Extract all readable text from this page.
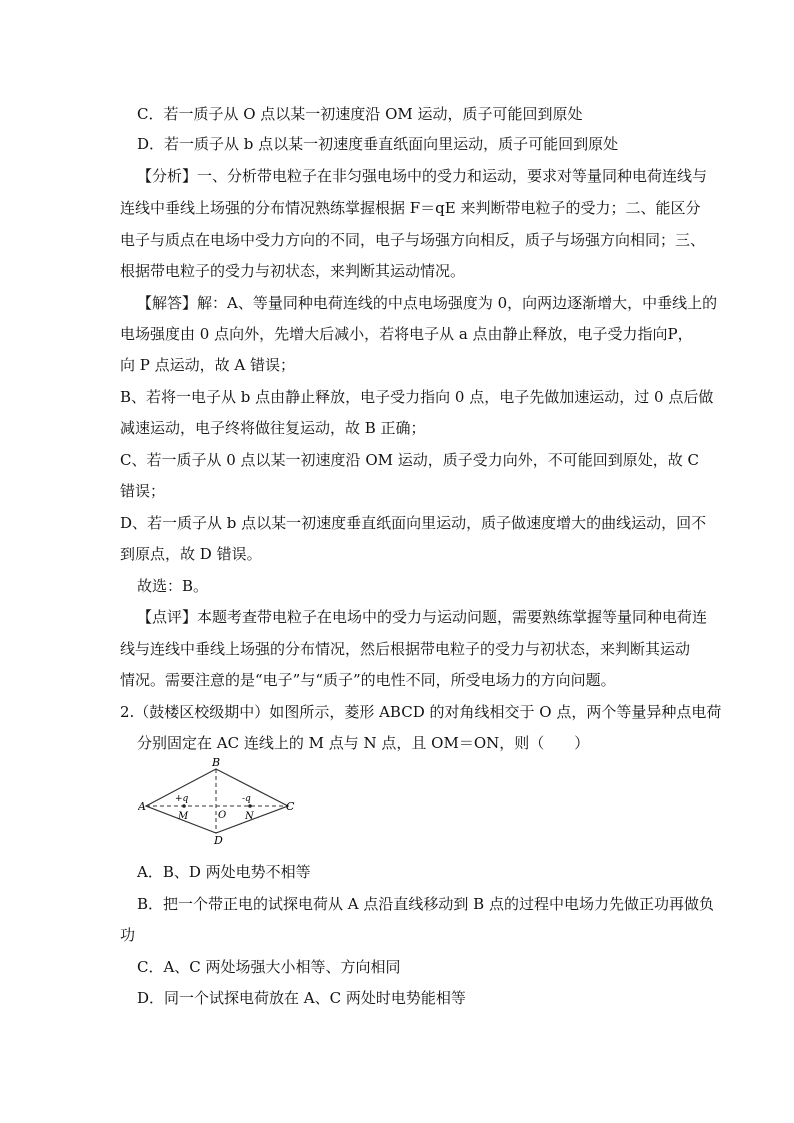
C．若一质子从 O 点以某一初速度沿 OM 运动，质子可能回到原处
D．若一质子从 b 点以某一初速度垂直纸面向里运动，质子可能回到原处
【分析】一、分析带电粒子在非匀强电场中的受力和运动，要求对等量同种电荷连线与
连线中垂线上场强的分布情况熟练掌握根据 F＝qE 来判断带电粒子的受力；二、能区分
电子与质点在电场中受力方向的不同，电子与场强方向相反，质子与场强方向相同；三、
根据带电粒子的受力与初状态，来判断其运动情况。
【解答】解：A、等量同种电荷连线的中点电场强度为 0，向两边逐渐增大，中垂线上的
电场强度由 0 点向外，先增大后减小，若将电子从 a 点由静止释放，电子受力指向P，
向 P 点运动，故 A 错误；
B、若将一电子从 b 点由静止释放，电子受力指向 0 点，电子先做加速运动，过 0 点后做
减速运动，电子终将做往复运动，故 B 正确；
C、若一质子从 0 点以某一初速度沿 OM 运动，质子受力向外，不可能回到原处，故 C
错误；
D、若一质子从 b 点以某一初速度垂直纸面向里运动，质子做速度增大的曲线运动，回不
到原点，故 D 错误。
故选：B。
【点评】本题考查带电粒子在电场中的受力与运动问题，需要熟练掌握等量同种电荷连
线与连线中垂线上场强的分布情况，然后根据带电粒子的受力与初状态，来判断其运动
情况。需要注意的是“电子”与“质子”的电性不同，所受电场力的方向问题。
2.（鼓楼区校级期中）如图所示，菱形 ABCD 的对角线相交于 O 点，两个等量异种点电荷
分别固定在 AC 连线上的 M 点与 N 点，且 OM＝ON，则（　　）
A
B
C
D
O
M	N
+q	-q
A．B、D 两处电势不相等
B．把一个带正电的试探电荷从 A 点沿直线移动到 B 点的过程中电场力先做正功再做负
功
C．A、C 两处场强大小相等、方向相同
D．同一个试探电荷放在 A、C 两处时电势能相等
